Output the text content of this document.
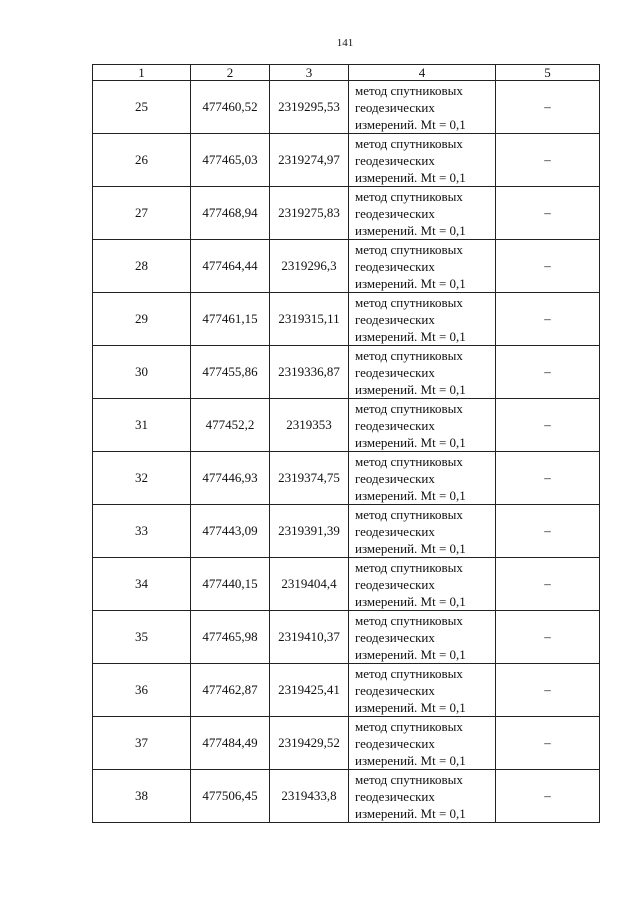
141
1	2	3	4	5
25	477460,52	2319295,53	метод спутниковых
геодезических
измерений. Mt = 0,1	–
26	477465,03	2319274,97	метод спутниковых
геодезических
измерений. Mt = 0,1	–
27	477468,94	2319275,83	метод спутниковых
геодезических
измерений. Mt = 0,1	–
28	477464,44	2319296,3	метод спутниковых
геодезических
измерений. Mt = 0,1	–
29	477461,15	2319315,11	метод спутниковых
геодезических
измерений. Mt = 0,1	–
30	477455,86	2319336,87	метод спутниковых
геодезических
измерений. Mt = 0,1	–
31	477452,2	2319353	метод спутниковых
геодезических
измерений. Mt = 0,1	–
32	477446,93	2319374,75	метод спутниковых
геодезических
измерений. Mt = 0,1	–
33	477443,09	2319391,39	метод спутниковых
геодезических
измерений. Mt = 0,1	–
34	477440,15	2319404,4	метод спутниковых
геодезических
измерений. Mt = 0,1	–
35	477465,98	2319410,37	метод спутниковых
геодезических
измерений. Mt = 0,1	–
36	477462,87	2319425,41	метод спутниковых
геодезических
измерений. Mt = 0,1	–
37	477484,49	2319429,52	метод спутниковых
геодезических
измерений. Mt = 0,1	–
38	477506,45	2319433,8	метод спутниковых
геодезических
измерений. Mt = 0,1	–
